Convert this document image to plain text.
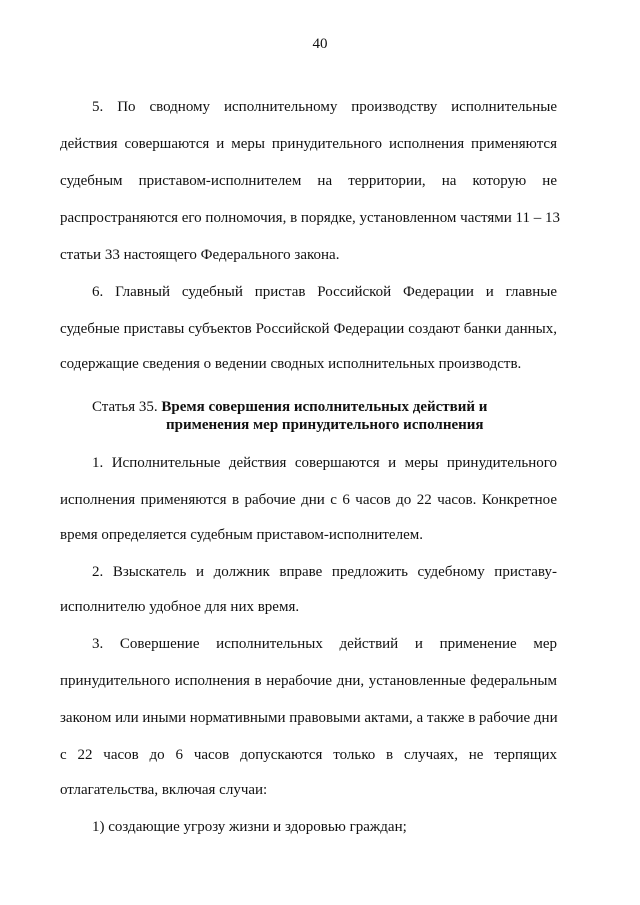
40
5. По сводному исполнительному производству исполнительные
действия совершаются и меры принудительного исполнения применяются
судебным приставом-исполнителем на территории, на которую не
распространяются его полномочия, в порядке, установленном частями 11 – 13
статьи 33 настоящего Федерального закона.
6. Главный судебный пристав Российской Федерации и главные
судебные приставы субъектов Российской Федерации создают банки данных,
содержащие сведения о ведении сводных исполнительных производств.
Статья 35. Время совершения исполнительных действий и
применения мер принудительного исполнения
1. Исполнительные действия совершаются и меры принудительного
исполнения применяются в рабочие дни с 6 часов до 22 часов. Конкретное
время определяется судебным приставом-исполнителем.
2. Взыскатель и должник вправе предложить судебному приставу-
исполнителю удобное для них время.
3. Совершение исполнительных действий и применение мер
принудительного исполнения в нерабочие дни, установленные федеральным
законом или иными нормативными правовыми актами, а также в рабочие дни
с 22 часов до 6 часов допускаются только в случаях, не терпящих
отлагательства, включая случаи:
1) создающие угрозу жизни и здоровью граждан;
